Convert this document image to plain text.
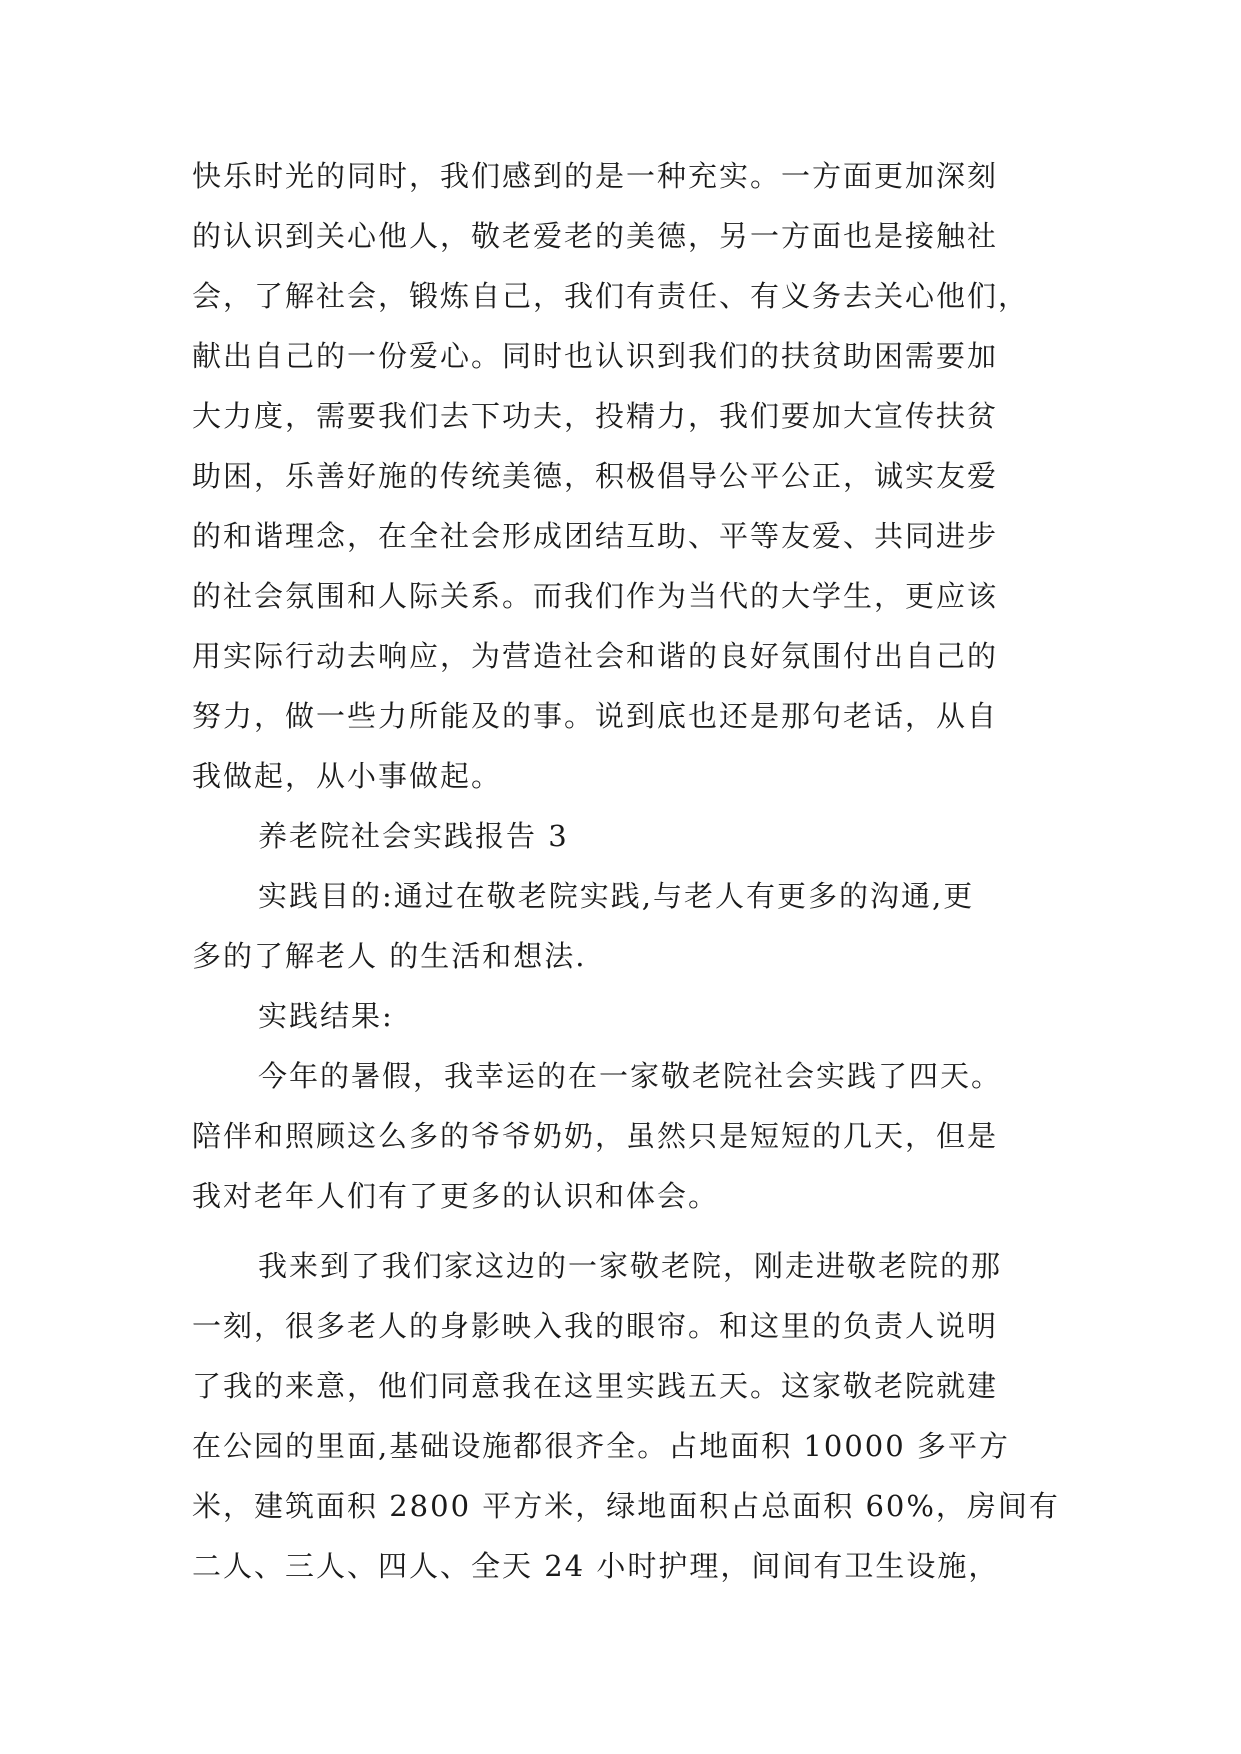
快乐时光的同时，我们感到的是一种充实。一方面更加深刻
的认识到关心他人，敬老爱老的美德，另一方面也是接触社
会，了解社会，锻炼自己，我们有责任、有义务去关心他们，
献出自己的一份爱心。同时也认识到我们的扶贫助困需要加
大力度，需要我们去下功夫，投精力，我们要加大宣传扶贫
助困，乐善好施的传统美德，积极倡导公平公正，诚实友爱
的和谐理念，在全社会形成团结互助、平等友爱、共同进步
的社会氛围和人际关系。而我们作为当代的大学生，更应该
用实际行动去响应，为营造社会和谐的良好氛围付出自己的
努力，做一些力所能及的事。说到底也还是那句老话，从自
我做起，从小事做起。
养老院社会实践报告 3
实践目的:通过在敬老院实践,与老人有更多的沟通,更
多的了解老人 的生活和想法.
实践结果:
今年的暑假，我幸运的在一家敬老院社会实践了四天。
陪伴和照顾这么多的爷爷奶奶，虽然只是短短的几天，但是
我对老年人们有了更多的认识和体会。
我来到了我们家这边的一家敬老院，刚走进敬老院的那
一刻，很多老人的身影映入我的眼帘。和这里的负责人说明
了我的来意，他们同意我在这里实践五天。这家敬老院就建
在公园的里面,基础设施都很齐全。占地面积 10000 多平方
米，建筑面积 2800 平方米，绿地面积占总面积 60%，房间有
二人、三人、四人、全天 24 小时护理，间间有卫生设施，
